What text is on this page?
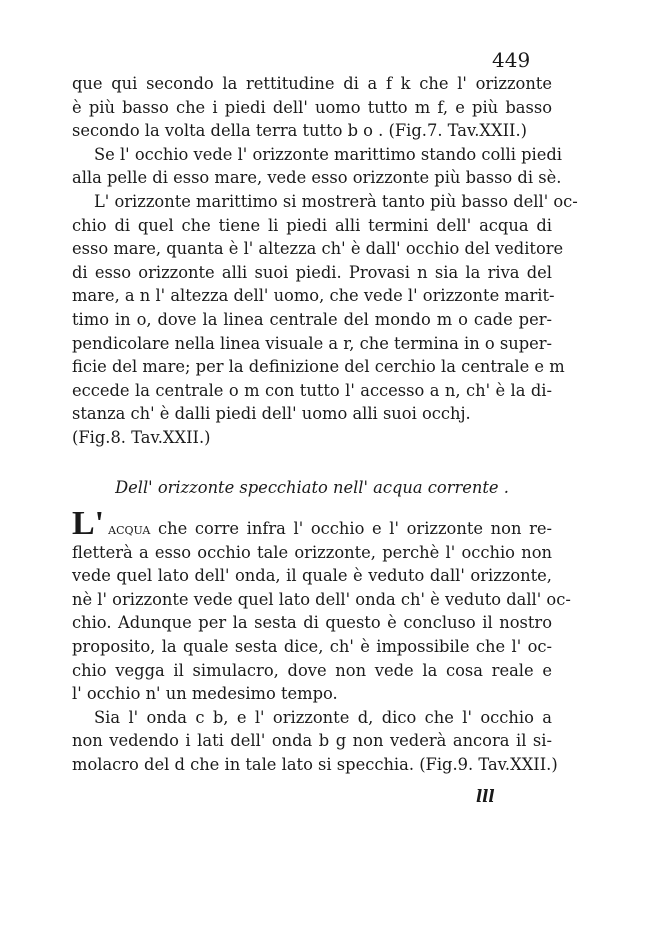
449
que qui secondo la rettitudine di a f k che l' orizzonte
è più basso che i piedi dell' uomo tutto m f, e più basso
secondo la volta della terra tutto b o . (Fig.7. Tav.XXII.)
Se l' occhio vede l' orizzonte marittimo stando colli piedi
alla pelle di esso mare, vede esso orizzonte più basso di sè.
L' orizzonte marittimo si mostrerà tanto più basso dell' oc-
chio di quel che tiene li piedi alli termini dell' acqua di
esso mare, quanta è l' altezza ch' è dall' occhio del veditore
di esso orizzonte alli suoi piedi. Provasi n sia la riva del
mare, a n l' altezza dell' uomo, che vede l' orizzonte marit-
timo in o, dove la linea centrale del mondo m o cade per-
pendicolare nella linea visuale a r, che termina in o super-
ficie del mare; per la definizione del cerchio la centrale e m
eccede la centrale o m con tutto l' accesso a n, ch' è la di-
stanza ch' è dalli piedi dell' uomo alli suoi occhj.
(Fig.8. Tav.XXII.)
Dell' orizzonte specchiato nell' acqua corrente .
L' acqua che corre infra l' occhio e l' orizzonte non re-
fletterà a esso occhio tale orizzonte, perchè l' occhio non
vede quel lato dell' onda, il quale è veduto dall' orizzonte,
nè l' orizzonte vede quel lato dell' onda ch' è veduto dall' oc-
chio. Adunque per la sesta di questo è concluso il nostro
proposito, la quale sesta dice, ch' è impossibile che l' oc-
chio vegga il simulacro, dove non vede la cosa reale e
l' occhio n' un medesimo tempo.
Sia l' onda c b, e l' orizzonte d, dico che l' occhio a
non vedendo i lati dell' onda b g non vederà ancora il si-
molacro del d che in tale lato si specchia. (Fig.9. Tav.XXII.)
lll
